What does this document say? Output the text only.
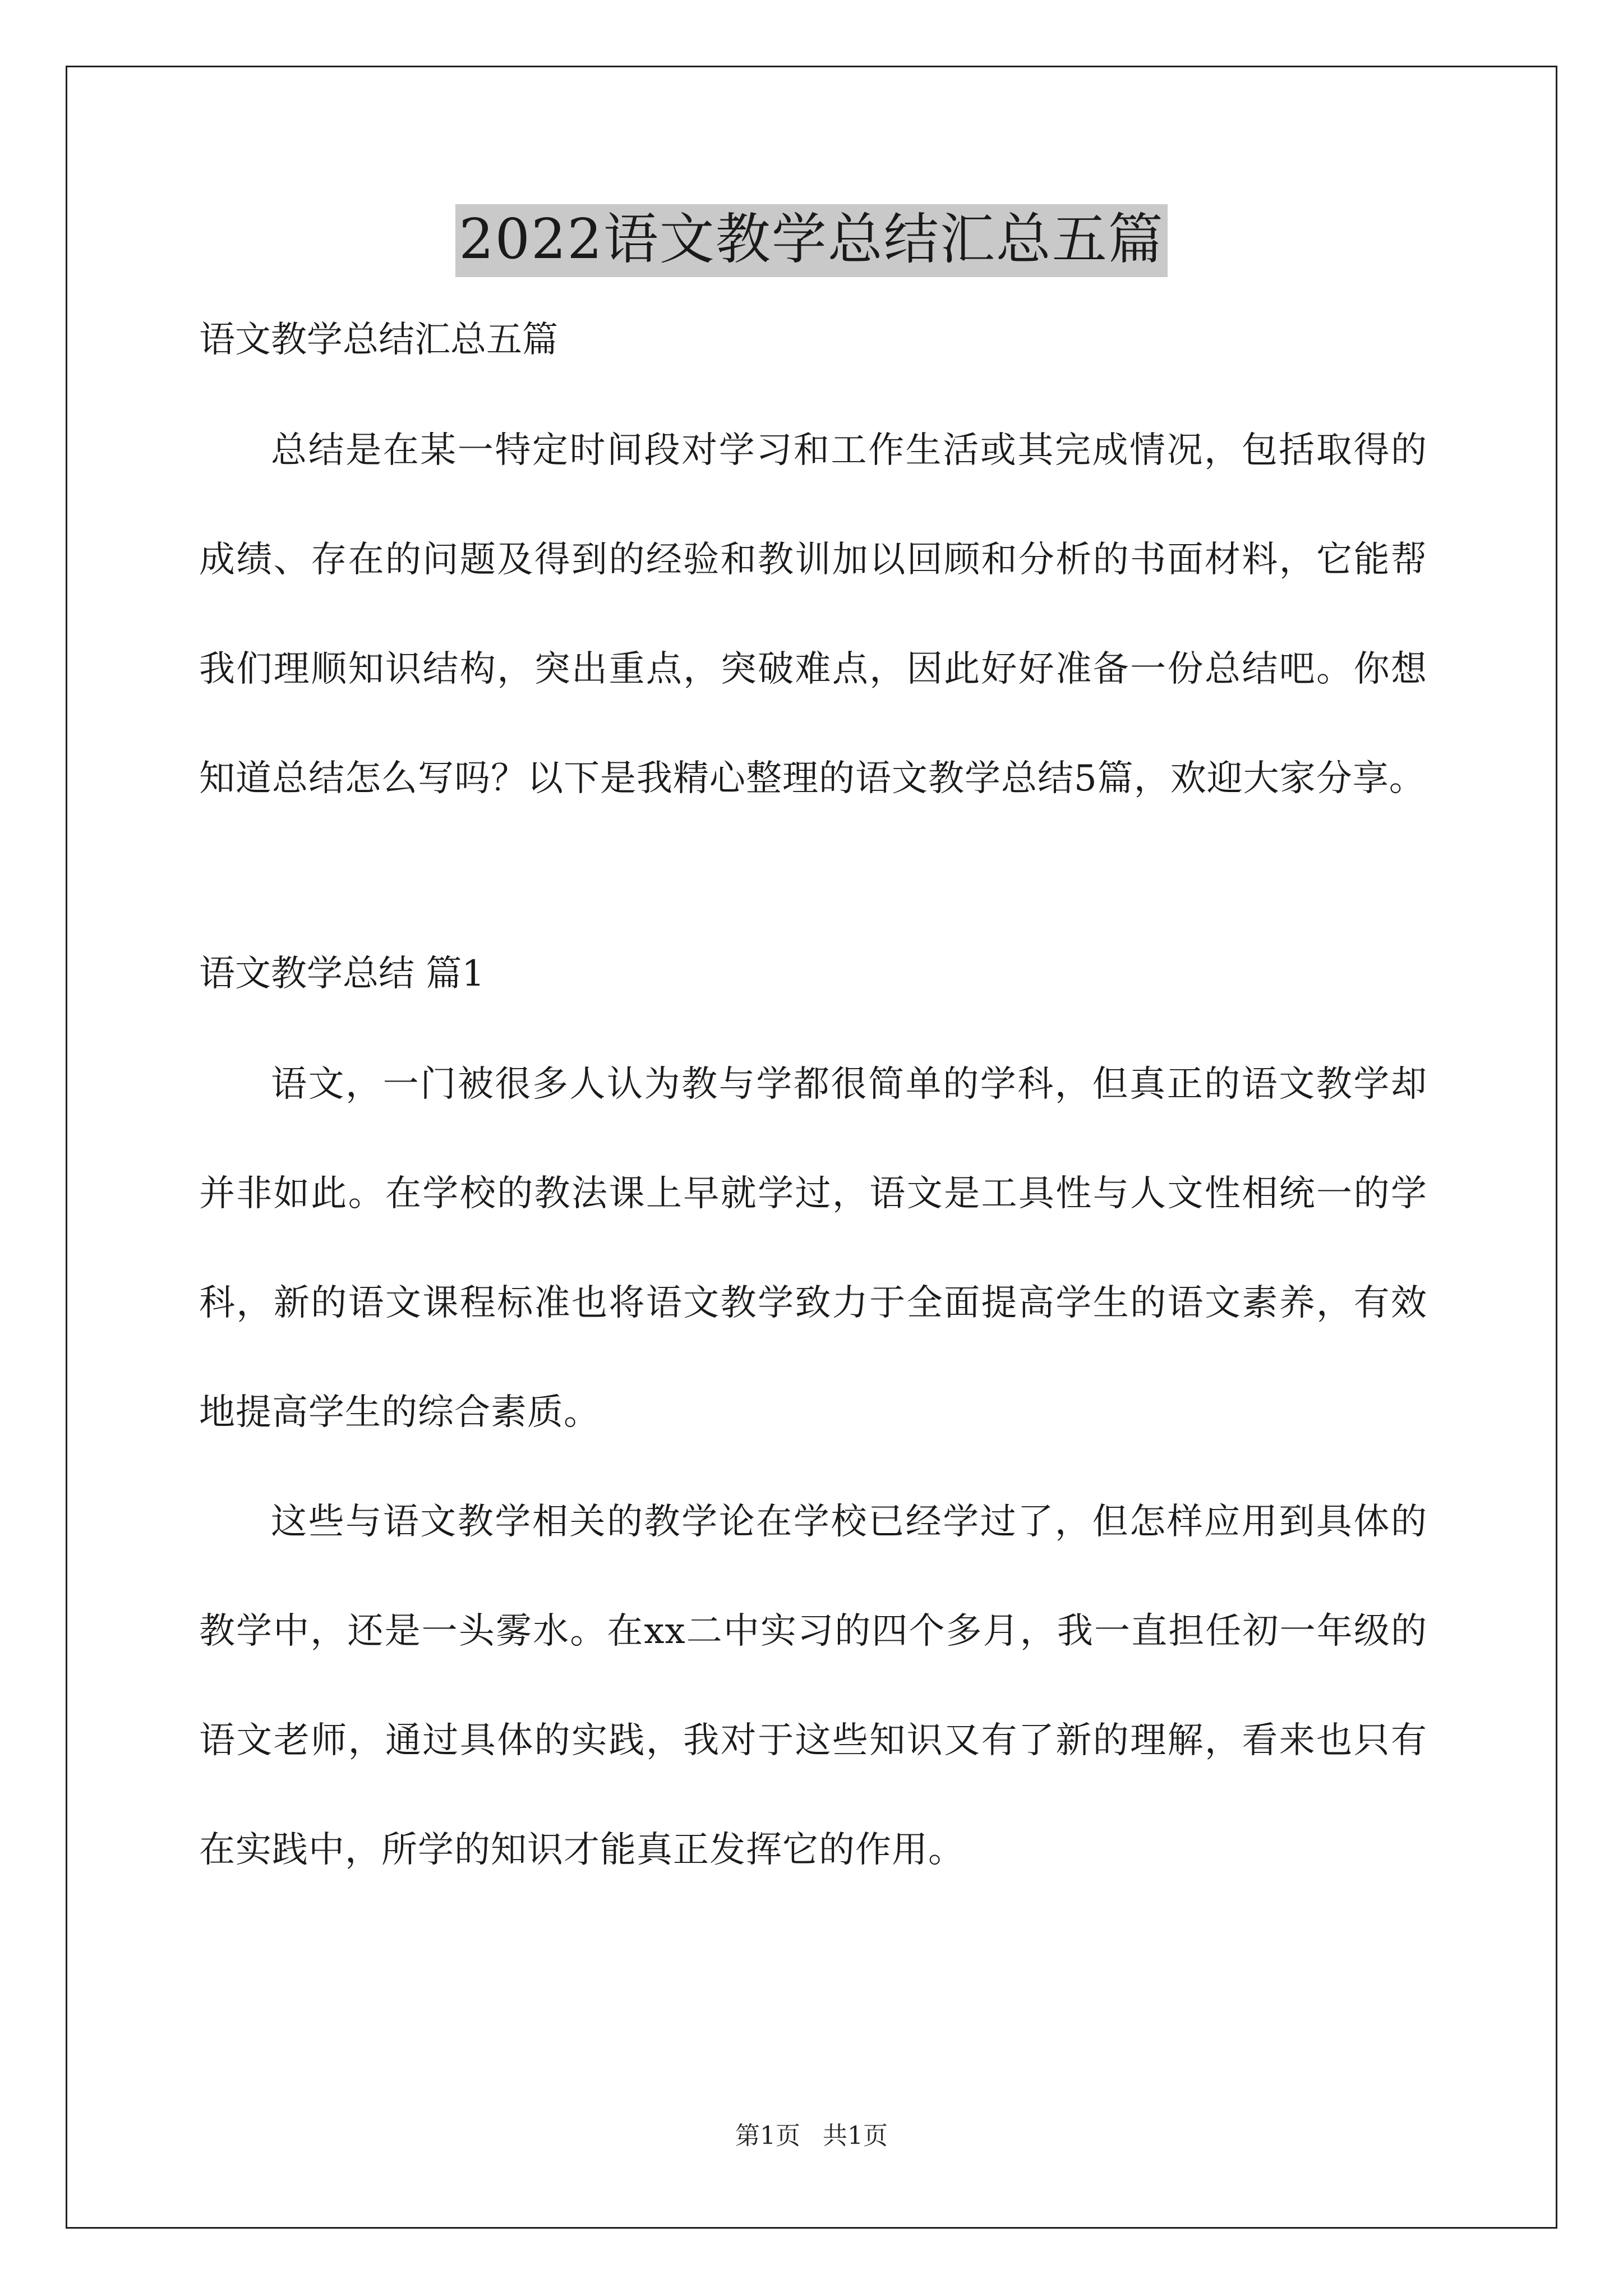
2022语文教学总结汇总五篇

语文教学总结汇总五篇

总结是在某一特定时间段对学习和工作生活或其完成情况，包括取得的成绩、存在的问题及得到的经验和教训加以回顾和分析的书面材料，它能帮我们理顺知识结构，突出重点，突破难点，因此好好准备一份总结吧。你想知道总结怎么写吗？以下是我精心整理的语文教学总结5篇，欢迎大家分享。

语文教学总结 篇1

语文，一门被很多人认为教与学都很简单的学科，但真正的语文教学却并非如此。在学校的教法课上早就学过，语文是工具性与人文性相统一的学科，新的语文课程标准也将语文教学致力于全面提高学生的语文素养，有效地提高学生的综合素质。

这些与语文教学相关的教学论在学校已经学过了，但怎样应用到具体的教学中，还是一头雾水。在xx二中实习的四个多月，我一直担任初一年级的语文老师，通过具体的实践，我对于这些知识又有了新的理解，看来也只有在实践中，所学的知识才能真正发挥它的作用。

第1页 共1页
